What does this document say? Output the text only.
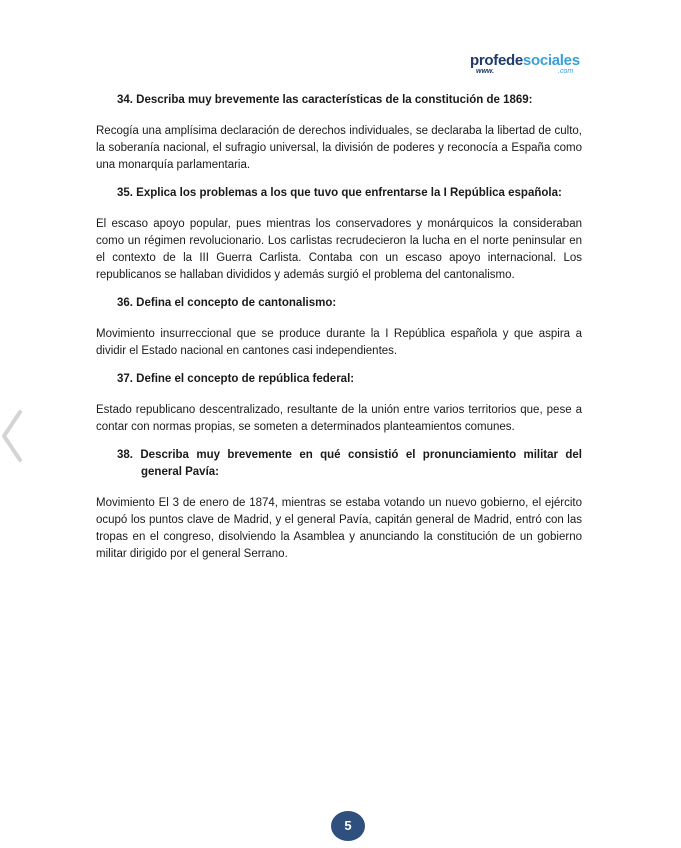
profedesociales
www.	.com

34. Describa muy brevemente las características de la constitución de 1869:

Recogía una amplísima declaración de derechos individuales, se declaraba la libertad de culto, la soberanía nacional, el sufragio universal, la división de poderes y reconocía a España como una monarquía parlamentaria.

35. Explica los problemas a los que tuvo que enfrentarse la I República española:

El escaso apoyo popular, pues mientras los conservadores y monárquicos la consideraban como un régimen revolucionario. Los carlistas recrudecieron la lucha en el norte peninsular en el contexto de la III Guerra Carlista. Contaba con un escaso apoyo internacional. Los republicanos se hallaban divididos y además surgió el problema del cantonalismo.

36. Defina el concepto de cantonalismo:

Movimiento insurreccional que se produce durante la I República española y que aspira a dividir el Estado nacional en cantones casi independientes.

37. Define el concepto de república federal:

Estado republicano descentralizado, resultante de la unión entre varios territorios que, pese a contar con normas propias, se someten a determinados planteamientos comunes.

38. Describa muy brevemente en qué consistió el pronunciamiento militar del general Pavía:

Movimiento El 3 de enero de 1874, mientras se estaba votando un nuevo gobierno, el ejército ocupó los puntos clave de Madrid, y el general Pavía, capitán general de Madrid, entró con las tropas en el congreso, disolviendo la Asamblea y anunciando la constitución de un gobierno militar dirigido por el general Serrano.

5
